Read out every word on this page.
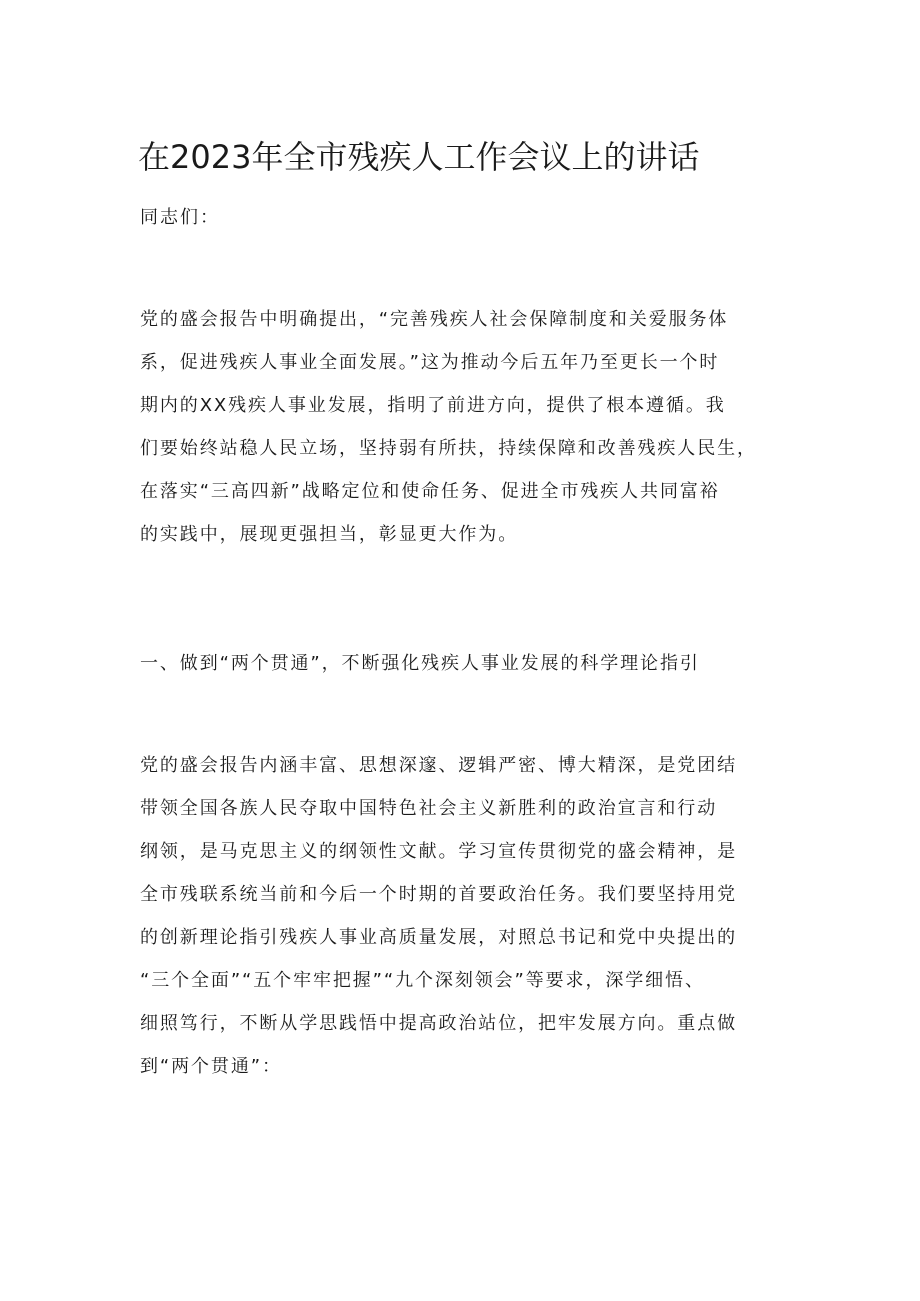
在2023年全市残疾人工作会议上的讲话
同志们：
党的盛会报告中明确提出，“完善残疾人社会保障制度和关爱服务体
系，促进残疾人事业全面发展。”这为推动今后五年乃至更长一个时
期内的XX残疾人事业发展，指明了前进方向，提供了根本遵循。我
们要始终站稳人民立场，坚持弱有所扶，持续保障和改善残疾人民生，
在落实“三高四新”战略定位和使命任务、促进全市残疾人共同富裕
的实践中，展现更强担当，彰显更大作为。
一、做到“两个贯通”，不断强化残疾人事业发展的科学理论指引
党的盛会报告内涵丰富、思想深邃、逻辑严密、博大精深，是党团结
带领全国各族人民夺取中国特色社会主义新胜利的政治宣言和行动
纲领，是马克思主义的纲领性文献。学习宣传贯彻党的盛会精神，是
全市残联系统当前和今后一个时期的首要政治任务。我们要坚持用党
的创新理论指引残疾人事业高质量发展，对照总书记和党中央提出的
“三个全面”“五个牢牢把握”“九个深刻领会”等要求，深学细悟、
细照笃行，不断从学思践悟中提高政治站位，把牢发展方向。重点做
到“两个贯通”：
